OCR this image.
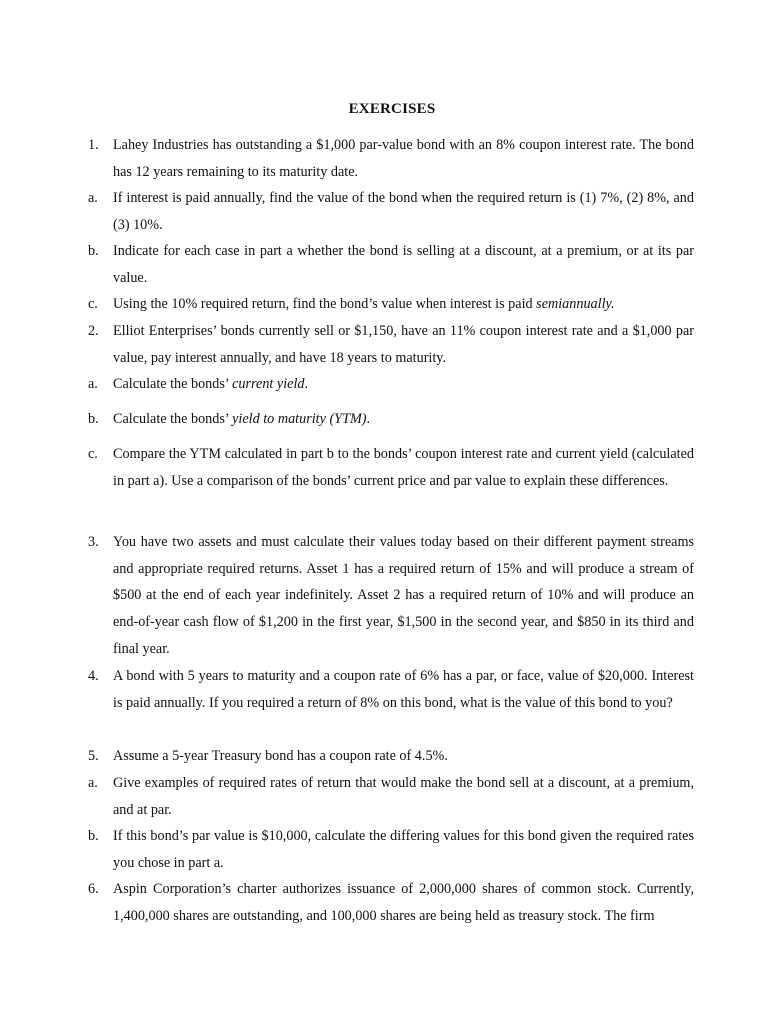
EXERCISES
1.	Lahey Industries has outstanding a $1,000 par-value bond with an 8% coupon interest rate. The bond has 12 years remaining to its maturity date.
a.	If interest is paid annually, find the value of the bond when the required return is (1) 7%, (2) 8%, and (3) 10%.
b.	Indicate for each case in part a whether the bond is selling at a discount, at a premium, or at its par value.
c.	Using the 10% required return, find the bond’s value when interest is paid semiannually.
2.	Elliot Enterprises’ bonds currently sell or $1,150, have an 11% coupon interest rate and a $1,000 par value, pay interest annually, and have 18 years to maturity.
a.	Calculate the bonds’ current yield.
b.	Calculate the bonds’ yield to maturity (YTM).
c.	Compare the YTM calculated in part b to the bonds’ coupon interest rate and current yield (calculated in part a). Use a comparison of the bonds’ current price and par value to explain these differences.
3.	You have two assets and must calculate their values today based on their different payment streams and appropriate required returns. Asset 1 has a required return of 15% and will produce a stream of $500 at the end of each year indefinitely. Asset 2 has a required return of 10% and will produce an end-of-year cash flow of $1,200 in the first year, $1,500 in the second year, and $850 in its third and final year.
4.	A bond with 5 years to maturity and a coupon rate of 6% has a par, or face, value of $20,000. Interest is paid annually. If you required a return of 8% on this bond, what is the value of this bond to you?
5.	Assume a 5-year Treasury bond has a coupon rate of 4.5%.
a.	Give examples of required rates of return that would make the bond sell at a discount, at a premium, and at par.
b.	If this bond’s par value is $10,000, calculate the differing values for this bond given the required rates you chose in part a.
6.	Aspin Corporation’s charter authorizes issuance of 2,000,000 shares of common stock. Currently, 1,400,000 shares are outstanding, and 100,000 shares are being held as treasury stock. The firm
